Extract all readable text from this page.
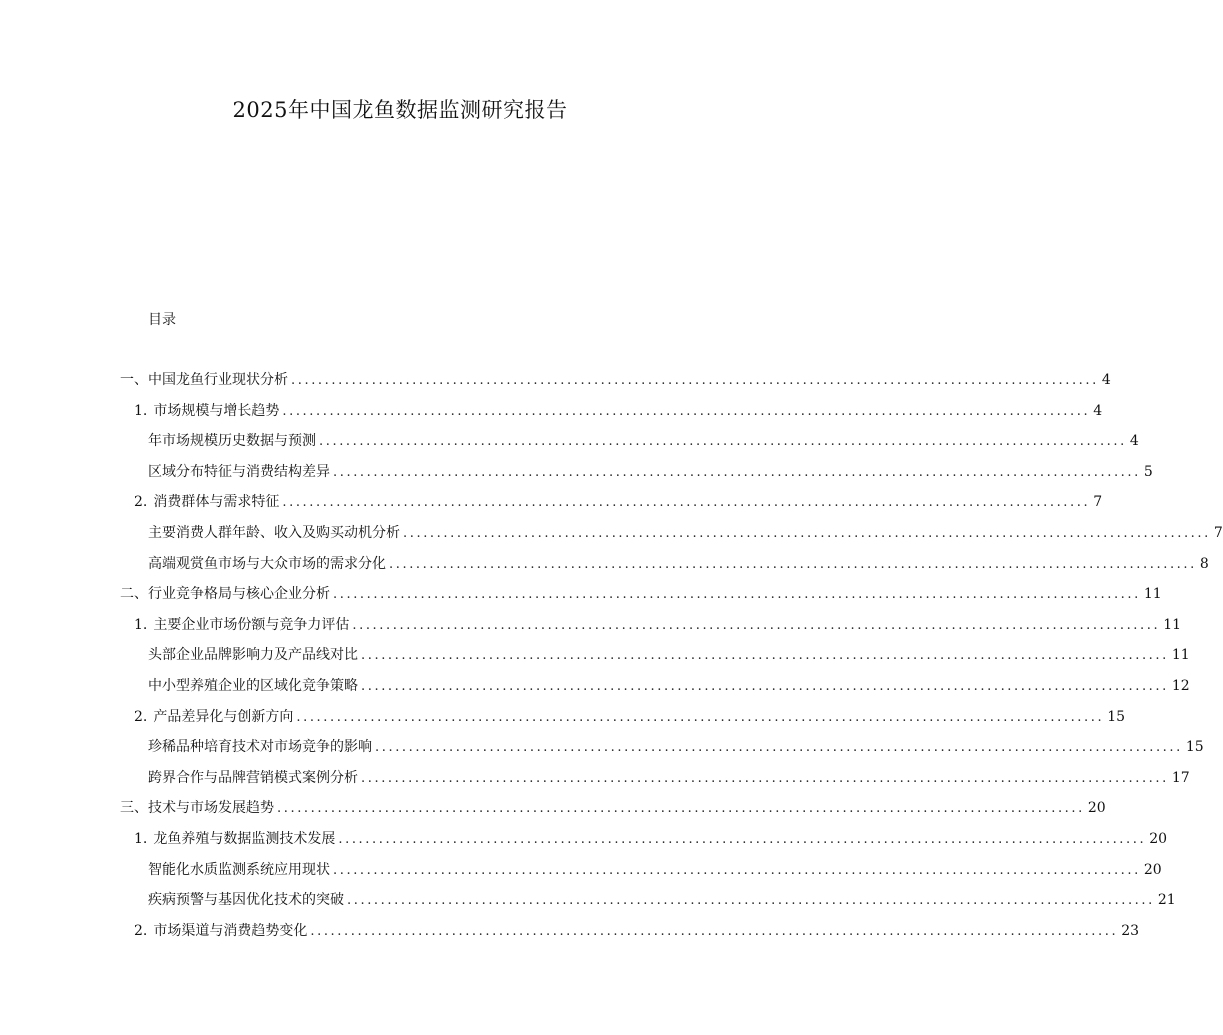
2025年中国龙鱼数据监测研究报告
目录
一、中国龙鱼行业现状分析 ........................................................................................................................ 4
1. 市场规模与增长趋势 ........................................................................................................................ 4
年市场规模历史数据与预测 ........................................................................................................................ 4
区域分布特征与消费结构差异 ........................................................................................................................ 5
2. 消费群体与需求特征 ........................................................................................................................ 7
主要消费人群年龄、收入及购买动机分析 ........................................................................................................................ 7
高端观赏鱼市场与大众市场的需求分化 ........................................................................................................................ 8
二、行业竞争格局与核心企业分析 ........................................................................................................................ 11
1. 主要企业市场份额与竞争力评估 ........................................................................................................................ 11
头部企业品牌影响力及产品线对比 ........................................................................................................................ 11
中小型养殖企业的区域化竞争策略 ........................................................................................................................ 12
2. 产品差异化与创新方向 ........................................................................................................................ 15
珍稀品种培育技术对市场竞争的影响 ........................................................................................................................ 15
跨界合作与品牌营销模式案例分析 ........................................................................................................................ 17
三、技术与市场发展趋势 ........................................................................................................................ 20
1. 龙鱼养殖与数据监测技术发展 ........................................................................................................................ 20
智能化水质监测系统应用现状 ........................................................................................................................ 20
疾病预警与基因优化技术的突破 ........................................................................................................................ 21
2. 市场渠道与消费趋势变化 ........................................................................................................................ 23
